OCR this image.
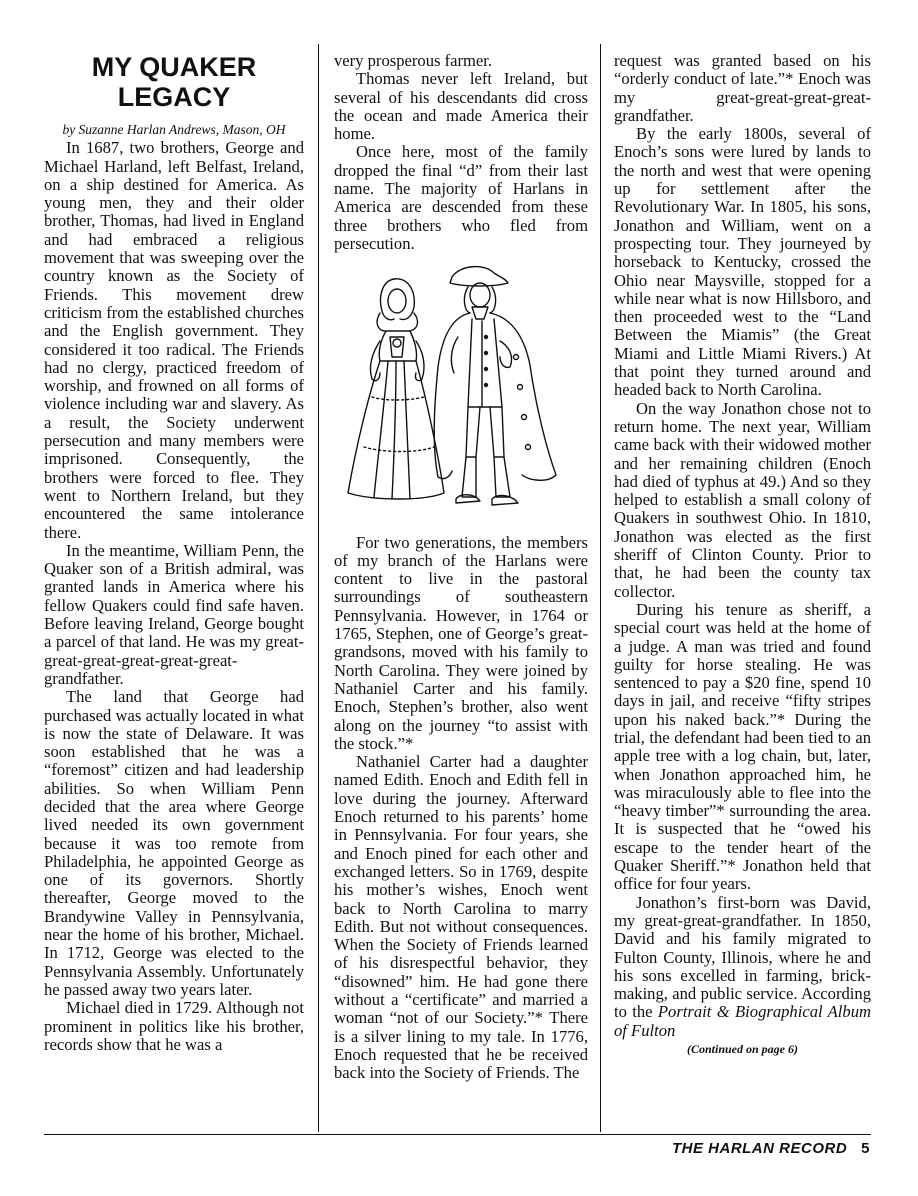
MY QUAKER LEGACY

by Suzanne Harlan Andrews, Mason, OH

In 1687, two brothers, George and Michael Harland, left Belfast, Ireland, on a ship destined for America. As young men, they and their older brother, Thomas, had lived in England and had embraced a religious movement that was sweeping over the country known as the Society of Friends. This movement drew criticism from the established churches and the English government. They considered it too radical. The Friends had no clergy, practiced freedom of worship, and frowned on all forms of violence including war and slavery. As a result, the Society underwent persecution and many members were imprisoned. Consequently, the brothers were forced to flee. They went to Northern Ireland, but they encountered the same intolerance there.

In the meantime, William Penn, the Quaker son of a British admiral, was granted lands in America where his fellow Quakers could find safe haven. Before leaving Ireland, George bought a parcel of that land. He was my great-great-great-great-great-great-grandfather.

The land that George had purchased was actually located in what is now the state of Delaware. It was soon established that he was a “foremost” citizen and had leadership abilities. So when William Penn decided that the area where George lived needed its own government because it was too remote from Philadelphia, he appointed George as one of its governors. Shortly thereafter, George moved to the Brandywine Valley in Pennsylvania, near the home of his brother, Michael. In 1712, George was elected to the Pennsylvania Assembly. Unfortunately he passed away two years later.

Michael died in 1729. Although not prominent in politics like his brother, records show that he was a

very prosperous farmer.

Thomas never left Ireland, but several of his descendants did cross the ocean and made America their home.

Once here, most of the family dropped the final “d” from their last name. The majority of Harlans in America are descended from these three brothers who fled from persecution.

For two generations, the members of my branch of the Harlans were content to live in the pastoral surroundings of southeastern Pennsylvania. However, in 1764 or 1765, Stephen, one of George’s great-grandsons, moved with his family to North Carolina. They were joined by Nathaniel Carter and his family. Enoch, Stephen’s brother, also went along on the journey “to assist with the stock.”*

Nathaniel Carter had a daughter named Edith. Enoch and Edith fell in love during the journey. Afterward Enoch returned to his parents’ home in Pennsylvania. For four years, she and Enoch pined for each other and exchanged letters. So in 1769, despite his mother’s wishes, Enoch went back to North Carolina to marry Edith. But not without consequences. When the Society of Friends learned of his disrespectful behavior, they “disowned” him. He had gone there without a “certificate” and married a woman “not of our Society.”* There is a silver lining to my tale. In 1776, Enoch requested that he be received back into the Society of Friends. The

request was granted based on his “orderly conduct of late.”* Enoch was my great-great-great-great-grandfather.

By the early 1800s, several of Enoch’s sons were lured by lands to the north and west that were opening up for settlement after the Revolutionary War. In 1805, his sons, Jonathon and William, went on a prospecting tour. They journeyed by horseback to Kentucky, crossed the Ohio near Maysville, stopped for a while near what is now Hillsboro, and then proceeded west to the “Land Between the Miamis” (the Great Miami and Little Miami Rivers.) At that point they turned around and headed back to North Carolina.

On the way Jonathon chose not to return home. The next year, William came back with their widowed mother and her remaining children (Enoch had died of typhus at 49.) And so they helped to establish a small colony of Quakers in southwest Ohio. In 1810, Jonathon was elected as the first sheriff of Clinton County. Prior to that, he had been the county tax collector.

During his tenure as sheriff, a special court was held at the home of a judge. A man was tried and found guilty for horse stealing. He was sentenced to pay a $20 fine, spend 10 days in jail, and receive “fifty stripes upon his naked back.”* During the trial, the defendant had been tied to an apple tree with a log chain, but, later, when Jonathon approached him, he was miraculously able to flee into the “heavy timber”* surrounding the area. It is suspected that he “owed his escape to the tender heart of the Quaker Sheriff.”* Jonathon held that office for four years.

Jonathon’s first-born was David, my great-great-grandfather. In 1850, David and his family migrated to Fulton County, Illinois, where he and his sons excelled in farming, brick-making, and public service. According to the Portrait & Biographical Album of Fulton

(Continued on page 6)

THE HARLAN RECORD 5
